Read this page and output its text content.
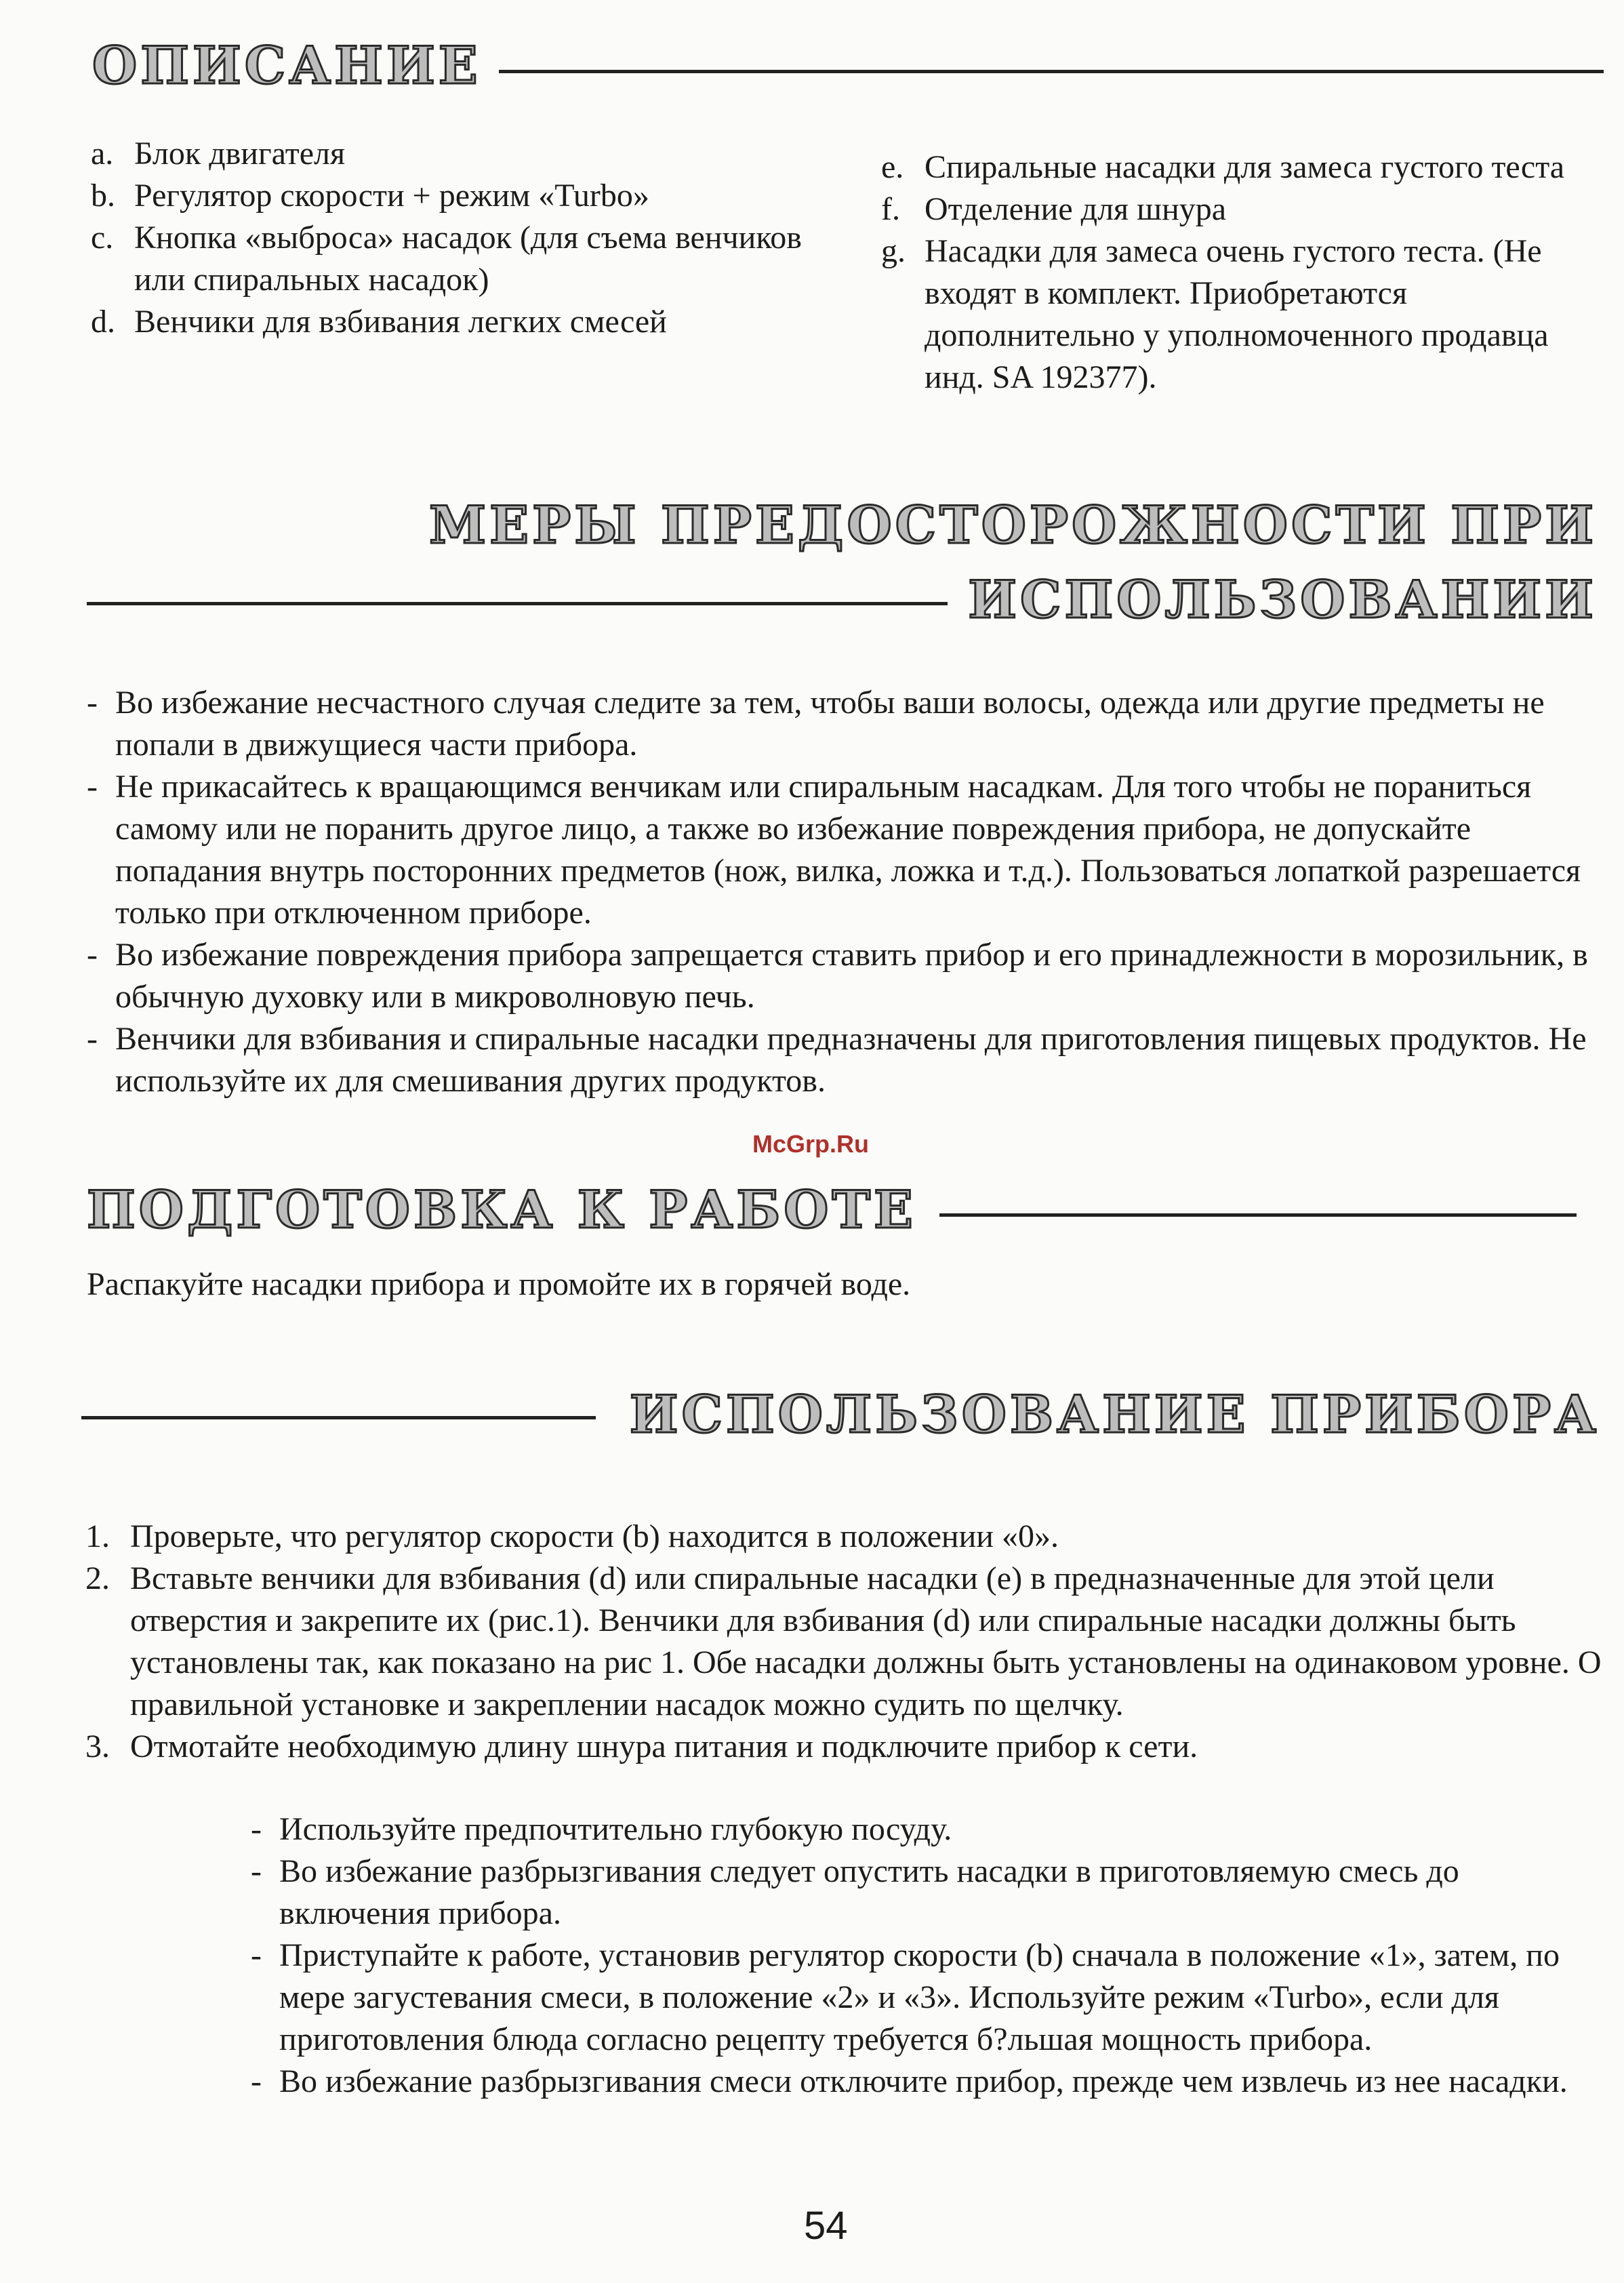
ОПИСАНИЕ
a. Блок двигателя
b. Регулятор скорости + режим «Turbo»
c. Кнопка «выброса» насадок (для съема венчиков или спиральных насадок)
d. Венчики для взбивания легких смесей
e. Спиральные насадки для замеса густого теста
f. Отделение для шнура
g. Насадки для замеса очень густого теста. (Не входят в комплект. Приобретаются дополнительно у уполномоченного продавца инд. SA 192377).
МЕРЫ ПРЕДОСТОРОЖНОСТИ ПРИ
ИСПОЛЬЗОВАНИИ
- Во избежание несчастного случая следите за тем, чтобы ваши волосы, одежда или другие предметы не попали в движущиеся части прибора.
- Не прикасайтесь к вращающимся венчикам или спиральным насадкам. Для того чтобы не пораниться самому или не поранить другое лицо, а также во избежание повреждения прибора, не допускайте попадания внутрь посторонних предметов (нож, вилка, ложка и т.д.). Пользоваться лопаткой разрешается только при отключенном приборе.
- Во избежание повреждения прибора запрещается ставить прибор и его принадлежности в морозильник, в обычную духовку или в микроволновую печь.
- Венчики для взбивания и спиральные насадки предназначены для приготовления пищевых продуктов. Не используйте их для смешивания других продуктов.
McGrp.Ru
ПОДГОТОВКА К РАБОТЕ
Распакуйте насадки прибора и промойте их в горячей воде.
ИСПОЛЬЗОВАНИЕ ПРИБОРА
1. Проверьте, что регулятор скорости (b) находится в положении «0».
2. Вставьте венчики для взбивания (d) или спиральные насадки (е) в предназначенные для этой цели отверстия и закрепите их (рис.1). Венчики для взбивания (d) или спиральные насадки должны быть установлены так, как показано на рис 1. Обе насадки должны быть установлены на одинаковом уровне. О правильной установке и закреплении насадок можно судить по щелчку.
3. Отмотайте необходимую длину шнура питания и подключите прибор к сети.
- Используйте предпочтительно глубокую посуду.
- Во избежание разбрызгивания следует опустить насадки в приготовляемую смесь до включения прибора.
- Приступайте к работе, установив регулятор скорости (b) сначала в положение «1», затем, по мере загустевания смеси, в положение «2» и «3». Используйте режим «Turbo», если для приготовления блюда согласно рецепту требуется б?льшая мощность прибора.
- Во избежание разбрызгивания смеси отключите прибор, прежде чем извлечь из нее насадки.
54
